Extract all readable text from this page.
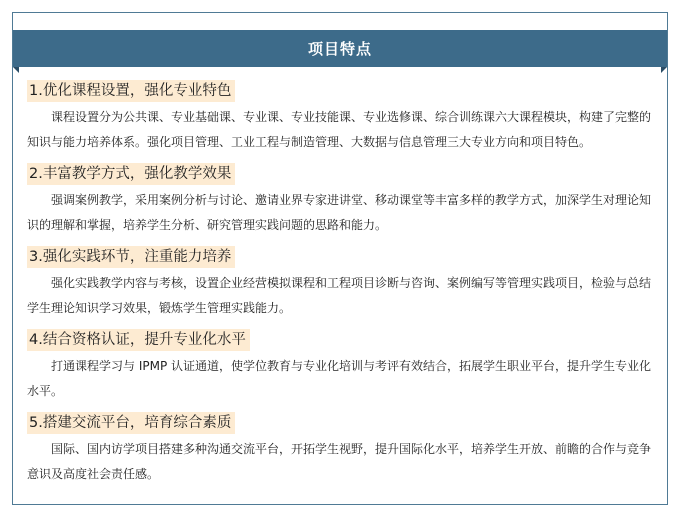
项目特点
1.优化课程设置，强化专业特色

课程设置分为公共课、专业基础课、专业课、专业技能课、专业选修课、综合训练课六大课程模块，构建了完整的知识与能力培养体系。强化项目管理、工业工程与制造管理、大数据与信息管理三大专业方向和项目特色。

2.丰富教学方式，强化教学效果

强调案例教学，采用案例分析与讨论、邀请业界专家进讲堂、移动课堂等丰富多样的教学方式，加深学生对理论知识的理解和掌握，培养学生分析、研究管理实践问题的思路和能力。

3.强化实践环节，注重能力培养

强化实践教学内容与考核，设置企业经营模拟课程和工程项目诊断与咨询、案例编写等管理实践项目，检验与总结学生理论知识学习效果，锻炼学生管理实践能力。

4.结合资格认证，提升专业化水平

打通课程学习与 IPMP 认证通道，使学位教育与专业化培训与考评有效结合，拓展学生职业平台，提升学生专业化水平。

5.搭建交流平台，培育综合素质

国际、国内访学项目搭建多种沟通交流平台，开拓学生视野，提升国际化水平，培养学生开放、前瞻的合作与竞争意识及高度社会责任感。
